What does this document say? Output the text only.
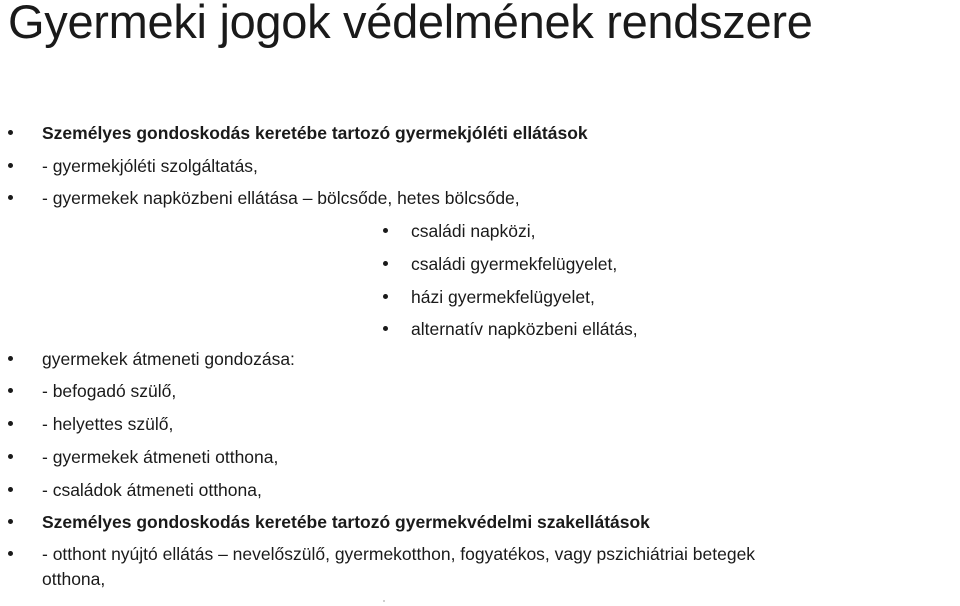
Gyermeki jogok védelmének rendszere
Személyes gondoskodás keretébe tartozó gyermekjóléti ellátások
- gyermekjóléti szolgáltatás,
- gyermekek napközbeni ellátása – bölcsőde, hetes bölcsőde,
családi napközi,
családi gyermekfelügyelet,
házi gyermekfelügyelet,
alternatív napközbeni ellátás,
gyermekek átmeneti gondozása:
- befogadó szülő,
- helyettes szülő,
- gyermekek átmeneti otthona,
- családok átmeneti otthona,
Személyes gondoskodás keretébe tartozó gyermekvédelmi szakellátások
- otthont nyújtó ellátás – nevelőszülő, gyermekotthon, fogyatékos, vagy pszichiátriai betegek
otthona,
